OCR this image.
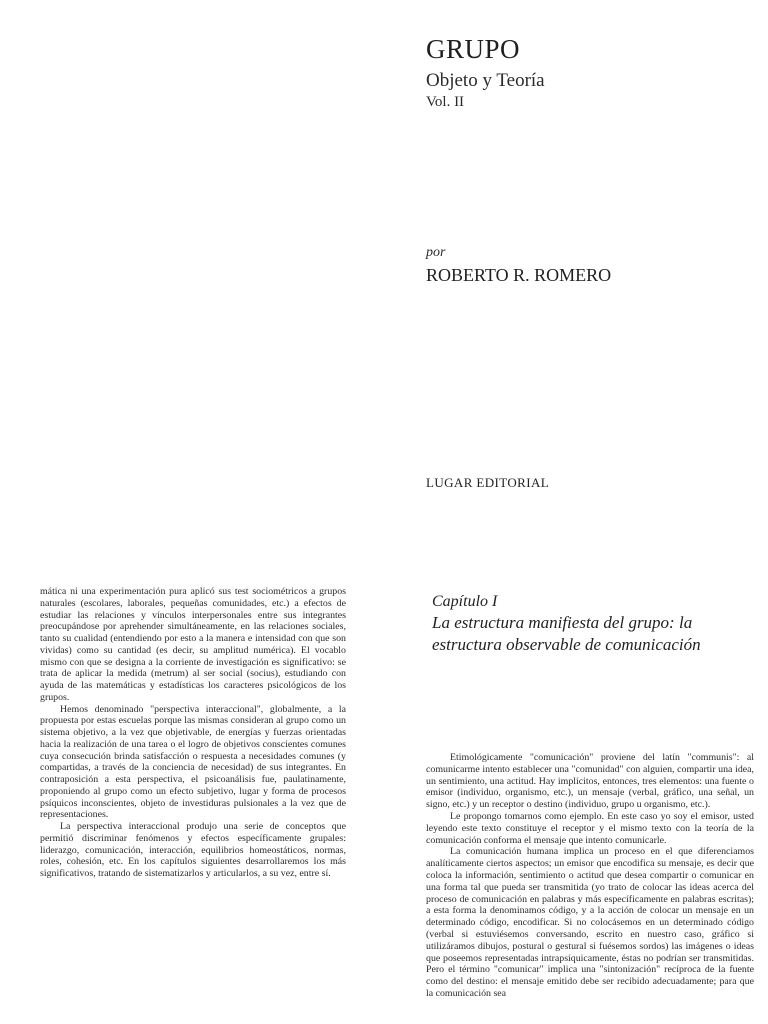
GRUPO
Objeto y Teoría
Vol. II
por
ROBERTO R. ROMERO
LUGAR EDITORIAL

mática ni una experimentación pura aplicó sus test sociométricos a grupos naturales (escolares, laborales, pequeñas comunidades, etc.) a efectos de estudiar las relaciones y vínculos interpersonales entre sus integrantes preocupándose por aprehender simultáneamente, en las relaciones sociales, tanto su cualidad (entendiendo por esto a la manera e intensidad con que son vividas) como su cantidad (es decir, su amplitud numérica). El vocablo mismo con que se designa a la corriente de investigación es significativo: se trata de aplicar la medida (metrum) al ser social (socius), estudiando con ayuda de las matemáticas y estadísticas los caracteres psicológicos de los grupos.

Hemos denominado "perspectiva interaccional", globalmente, a la propuesta por estas escuelas porque las mismas consideran al grupo como un sistema objetivo, a la vez que objetivable, de energías y fuerzas orientadas hacia la realización de una tarea o el logro de objetivos conscientes comunes cuya consecución brinda satisfacción o respuesta a necesidades comunes (y compartidas, a través de la conciencia de necesidad) de sus integrantes. En contraposición a esta perspectiva, el psicoanálisis fue, paulatinamente, proponiendo al grupo como un efecto subjetivo, lugar y forma de procesos psíquicos inconscientes, objeto de investiduras pulsionales a la vez que de representaciones.

La perspectiva interaccional produjo una serie de conceptos que permitió discriminar fenómenos y efectos específicamente grupales: liderazgo, comunicación, interacción, equilibrios homeostáticos, normas, roles, cohesión, etc. En los capítulos siguientes desarrollaremos los más significativos, tratando de sistematizarlos y articularlos, a su vez, entre sí.

Capítulo I
La estructura manifiesta del grupo: la estructura observable de comunicación

Etimológicamente "comunicación" proviene del latín "communis": al comunicarme intento establecer una "comunidad" con alguien, compartir una idea, un sentimiento, una actitud. Hay implícitos, entonces, tres elementos: una fuente o emisor (individuo, organismo, etc.), un mensaje (verbal, gráfico, una señal, un signo, etc.) y un receptor o destino (individuo, grupo u organismo, etc.).

Le propongo tomarnos como ejemplo. En este caso yo soy el emisor, usted leyendo este texto constituye el receptor y el mismo texto con la teoría de la comunicación conforma el mensaje que intento comunicarle.

La comunicación humana implica un proceso en el que diferenciamos analíticamente ciertos aspectos; un emisor que encodifica su mensaje, es decir que coloca la información, sentimiento o actitud que desea compartir o comunicar en una forma tal que pueda ser transmitida (yo trato de colocar las ideas acerca del proceso de comunicación en palabras y más específicamente en palabras escritas); a esta forma la denominamos código, y a la acción de colocar un mensaje en un determinado código, encodificar. Si no colocásemos en un determinado código (verbal si estuviésemos conversando, escrito en nuestro caso, gráfico si utilizáramos dibujos, postural o gestural si fuésemos sordos) las imágenes o ideas que poseemos representadas intrapsíquicamente, éstas no podrían ser transmitidas. Pero el término "comunicar" implica una "sintonización" recíproca de la fuente como del destino: el mensaje emitido debe ser recibido adecuadamente; para que la comunicación sea
